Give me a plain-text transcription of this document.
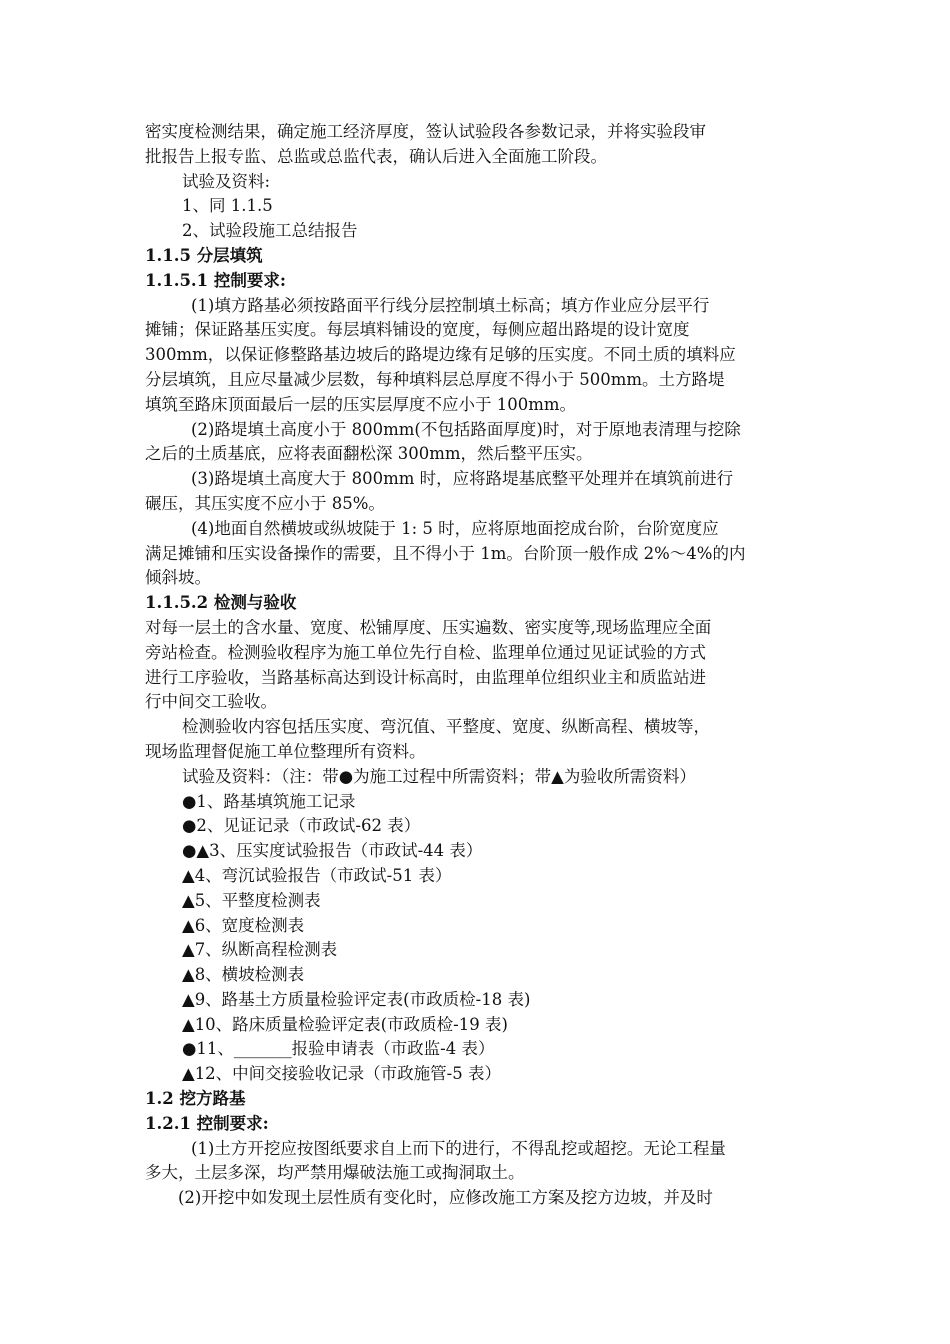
密实度检测结果，确定施工经济厚度，签认试验段各参数记录，并将实验段审
批报告上报专监、总监或总监代表，确认后进入全面施工阶段。
试验及资料:
1、同 1.1.5
2、试验段施工总结报告
1.1.5 分层填筑
1.1.5.1 控制要求:
(1)填方路基必须按路面平行线分层控制填土标高；填方作业应分层平行
摊铺；保证路基压实度。每层填料铺设的宽度，每侧应超出路堤的设计宽度
300mm，以保证修整路基边坡后的路堤边缘有足够的压实度。不同土质的填料应
分层填筑，且应尽量减少层数，每种填料层总厚度不得小于 500mm。土方路堤
填筑至路床顶面最后一层的压实层厚度不应小于 100mm。
(2)路堤填土高度小于 800mm(不包括路面厚度)时，对于原地表清理与挖除
之后的土质基底，应将表面翻松深 300mm，然后整平压实。
(3)路堤填土高度大于 800mm 时，应将路堤基底整平处理并在填筑前进行
碾压，其压实度不应小于 85%。
(4)地面自然横坡或纵坡陡于 1: 5 时，应将原地面挖成台阶，台阶宽度应
满足摊铺和压实设备操作的需要，且不得小于 1m。台阶顶一般作成 2%～4%的内
倾斜坡。
1.1.5.2 检测与验收
对每一层土的含水量、宽度、松铺厚度、压实遍数、密实度等,现场监理应全面
旁站检查。检测验收程序为施工单位先行自检、监理单位通过见证试验的方式
进行工序验收，当路基标高达到设计标高时，由监理单位组织业主和质监站进
行中间交工验收。
检测验收内容包括压实度、弯沉值、平整度、宽度、纵断高程、横坡等，
现场监理督促施工单位整理所有资料。
试验及资料：（注：带●为施工过程中所需资料；带▲为验收所需资料）
●1、路基填筑施工记录
●2、见证记录（市政试-62 表）
●▲3、压实度试验报告（市政试-44 表）
▲4、弯沉试验报告（市政试-51 表）
▲5、平整度检测表
▲6、宽度检测表
▲7、纵断高程检测表
▲8、横坡检测表
▲9、路基土方质量检验评定表(市政质检-18 表)
▲10、路床质量检验评定表(市政质检-19 表)
●11、_______报验申请表（市政监-4 表）
▲12、中间交接验收记录（市政施管-5 表）
1.2 挖方路基
1.2.1 控制要求:
(1)土方开挖应按图纸要求自上而下的进行，不得乱挖或超挖。无论工程量
多大，土层多深，均严禁用爆破法施工或掏洞取土。
(2)开挖中如发现土层性质有变化时，应修改施工方案及挖方边坡，并及时
